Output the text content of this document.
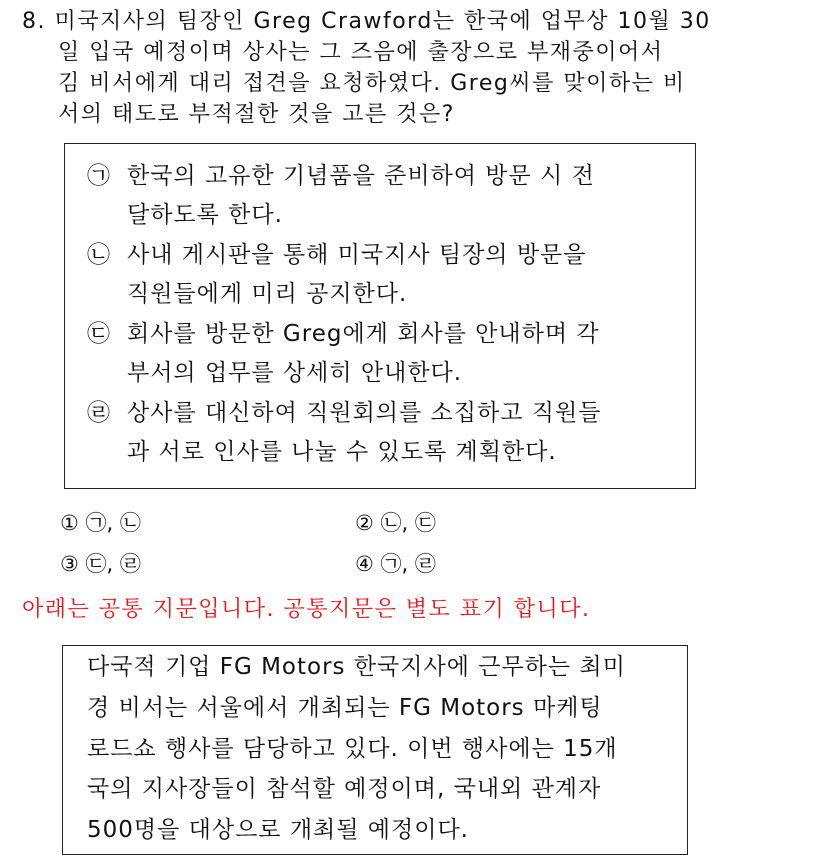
8. 미국지사의 팀장인 Greg Crawford는 한국에 업무상 10월 30
일 입국 예정이며 상사는 그 즈음에 출장으로 부재중이어서
김 비서에게 대리 접견을 요청하였다. Greg씨를 맞이하는 비
서의 태도로 부적절한 것을 고른 것은?
㉠ 한국의 고유한 기념품을 준비하여 방문 시 전
달하도록 한다.
㉡ 사내 게시판을 통해 미국지사 팀장의 방문을
직원들에게 미리 공지한다.
㉢ 회사를 방문한 Greg에게 회사를 안내하며 각
부서의 업무를 상세히 안내한다.
㉣ 상사를 대신하여 직원회의를 소집하고 직원들
과 서로 인사를 나눌 수 있도록 계획한다.
① ㉠, ㉡	② ㉡, ㉢
③ ㉢, ㉣	④ ㉠, ㉣
아래는 공통 지문입니다. 공통지문은 별도 표기 합니다.
다국적 기업 FG Motors 한국지사에 근무하는 최미
경 비서는 서울에서 개최되는 FG Motors 마케팅
로드쇼 행사를 담당하고 있다. 이번 행사에는 15개
국의 지사장들이 참석할 예정이며, 국내외 관계자
500명을 대상으로 개최될 예정이다.
